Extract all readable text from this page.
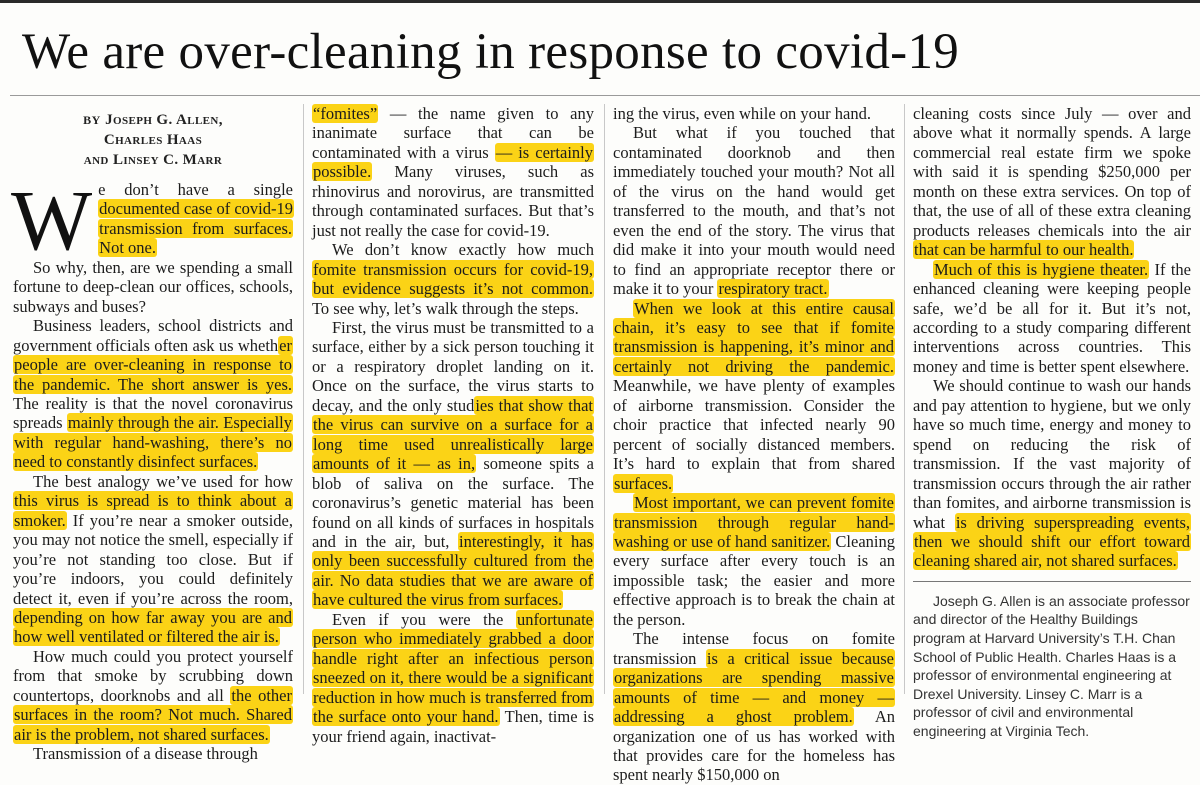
We are over-cleaning in response to covid-19
BY Joseph G. Allen,
Charles Haas
and Linsey C. Marr

We don’t have a single documented case of covid-19 transmission from surfaces. Not one.

So why, then, are we spending a small fortune to deep-clean our offices, schools, subways and buses?

Business leaders, school districts and government officials often ask us whether people are over-cleaning in response to the pandemic. The short answer is yes. The reality is that the novel coronavirus spreads mainly through the air. Especially with regular hand-washing, there’s no need to constantly disinfect surfaces.

The best analogy we’ve used for how this virus is spread is to think about a smoker. If you’re near a smoker outside, you may not notice the smell, especially if you’re not standing too close. But if you’re indoors, you could definitely detect it, even if you’re across the room, depending on how far away you are and how well ventilated or filtered the air is.

How much could you protect yourself from that smoke by scrubbing down countertops, doorknobs and all the other surfaces in the room? Not much. Shared air is the problem, not shared surfaces.

Transmission of a disease through

“fomites” — the name given to any inanimate surface that can be contaminated with a virus — is certainly possible. Many viruses, such as rhinovirus and norovirus, are transmitted through contaminated surfaces. But that’s just not really the case for covid-19.

We don’t know exactly how much fomite transmission occurs for covid-19, but evidence suggests it’s not common. To see why, let’s walk through the steps.

First, the virus must be transmitted to a surface, either by a sick person touching it or a respiratory droplet landing on it. Once on the surface, the virus starts to decay, and the only studies that show that the virus can survive on a surface for a long time used unrealistically large amounts of it — as in, someone spits a blob of saliva on the surface. The coronavirus’s genetic material has been found on all kinds of surfaces in hospitals and in the air, but, interestingly, it has only been successfully cultured from the air. No data studies that we are aware of have cultured the virus from surfaces.

Even if you were the unfortunate person who immediately grabbed a door handle right after an infectious person sneezed on it, there would be a significant reduction in how much is transferred from the surface onto your hand. Then, time is your friend again, inactivat-

ing the virus, even while on your hand.

But what if you touched that contaminated doorknob and then immediately touched your mouth? Not all of the virus on the hand would get transferred to the mouth, and that’s not even the end of the story. The virus that did make it into your mouth would need to find an appropriate receptor there or make it to your respiratory tract.

When we look at this entire causal chain, it’s easy to see that if fomite transmission is happening, it’s minor and certainly not driving the pandemic. Meanwhile, we have plenty of examples of airborne transmission. Consider the choir practice that infected nearly 90 percent of socially distanced members. It’s hard to explain that from shared surfaces.

Most important, we can prevent fomite transmission through regular hand-washing or use of hand sanitizer. Cleaning every surface after every touch is an impossible task; the easier and more effective approach is to break the chain at the person.

The intense focus on fomite transmission is a critical issue because organizations are spending massive amounts of time — and money — addressing a ghost problem. An organization one of us has worked with that provides care for the homeless has spent nearly $150,000 on

cleaning costs since July — over and above what it normally spends. A large commercial real estate firm we spoke with said it is spending $250,000 per month on these extra services. On top of that, the use of all of these extra cleaning products releases chemicals into the air that can be harmful to our health.

Much of this is hygiene theater. If the enhanced cleaning were keeping people safe, we’d be all for it. But it’s not, according to a study comparing different interventions across countries. This money and time is better spent elsewhere.

We should continue to wash our hands and pay attention to hygiene, but we only have so much time, energy and money to spend on reducing the risk of transmission. If the vast majority of transmission occurs through the air rather than fomites, and airborne transmission is what is driving superspreading events, then we should shift our effort toward cleaning shared air, not shared surfaces.

Joseph G. Allen is an associate professor and director of the Healthy Buildings program at Harvard University’s T.H. Chan School of Public Health. Charles Haas is a professor of environmental engineering at Drexel University. Linsey C. Marr is a professor of civil and environmental engineering at Virginia Tech.
